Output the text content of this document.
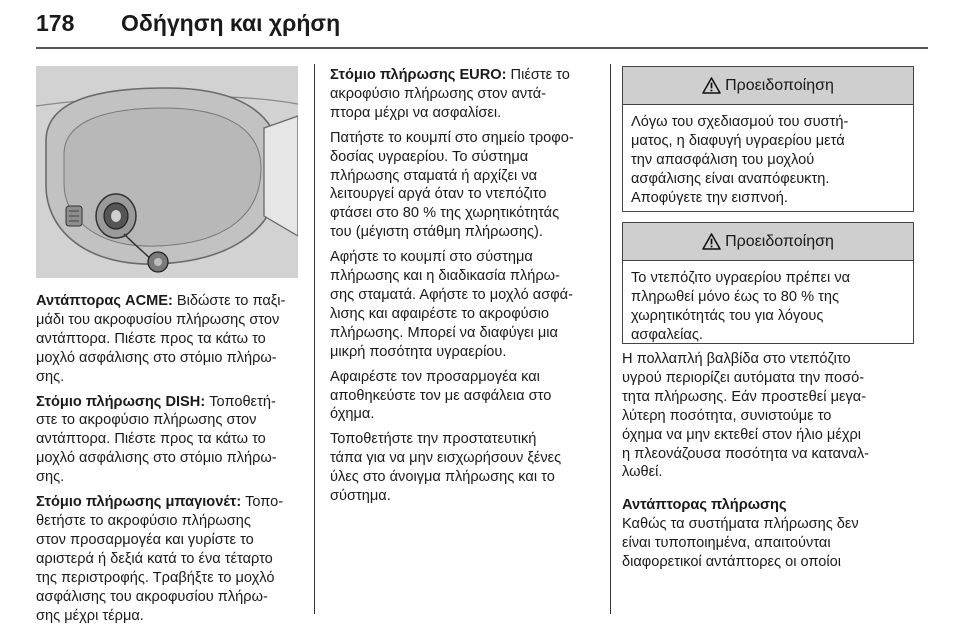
178 Οδήγηση και χρήση

Αντάπτορας ACME: Βιδώστε το παξι-
μάδι του ακροφυσίου πλήρωσης στον
αντάπτορα. Πιέστε προς τα κάτω το
μοχλό ασφάλισης στο στόμιο πλήρω-
σης.

Στόμιο πλήρωσης DISH: Τοποθετή-
στε το ακροφύσιο πλήρωσης στον
αντάπτορα. Πιέστε προς τα κάτω το
μοχλό ασφάλισης στο στόμιο πλήρω-
σης.

Στόμιο πλήρωσης μπαγιονέτ: Τοπο-
θετήστε το ακροφύσιο πλήρωσης
στον προσαρμογέα και γυρίστε το
αριστερά ή δεξιά κατά το ένα τέταρτο
της περιστροφής. Τραβήξτε το μοχλό
ασφάλισης του ακροφυσίου πλήρω-
σης μέχρι τέρμα.

Στόμιο πλήρωσης EURO: Πιέστε το
ακροφύσιο πλήρωσης στον αντά-
πτορα μέχρι να ασφαλίσει.

Πατήστε το κουμπί στο σημείο τροφο-
δοσίας υγραερίου. Το σύστημα
πλήρωσης σταματά ή αρχίζει να
λειτουργεί αργά όταν το ντεπόζιτο
φτάσει στο 80 % της χωρητικότητάς
του (μέγιστη στάθμη πλήρωσης).

Αφήστε το κουμπί στο σύστημα
πλήρωσης και η διαδικασία πλήρω-
σης σταματά. Αφήστε το μοχλό ασφά-
λισης και αφαιρέστε το ακροφύσιο
πλήρωσης. Μπορεί να διαφύγει μια
μικρή ποσότητα υγραερίου.

Αφαιρέστε τον προσαρμογέα και
αποθηκεύστε τον με ασφάλεια στο
όχημα.

Τοποθετήστε την προστατευτική
τάπα για να μην εισχωρήσουν ξένες
ύλες στο άνοιγμα πλήρωσης και το
σύστημα.

Προειδοποίηση
Λόγω του σχεδιασμού του συστή-
ματος, η διαφυγή υγραερίου μετά
την απασφάλιση του μοχλού
ασφάλισης είναι αναπόφευκτη.
Αποφύγετε την εισπνοή.
Προειδοποίηση
Το ντεπόζιτο υγραερίου πρέπει να
πληρωθεί μόνο έως το 80 % της
χωρητικότητάς του για λόγους
ασφαλείας.

Η πολλαπλή βαλβίδα στο ντεπόζιτο
υγρού περιορίζει αυτόματα την ποσό-
τητα πλήρωσης. Εάν προστεθεί μεγα-
λύτερη ποσότητα, συνιστούμε το
όχημα να μην εκτεθεί στον ήλιο μέχρι
η πλεονάζουσα ποσότητα να καταναλ-
λωθεί.

Αντάπτορας πλήρωσης

Καθώς τα συστήματα πλήρωσης δεν
είναι τυποποιημένα, απαιτούνται
διαφορετικοί αντάπτορες οι οποίοι
